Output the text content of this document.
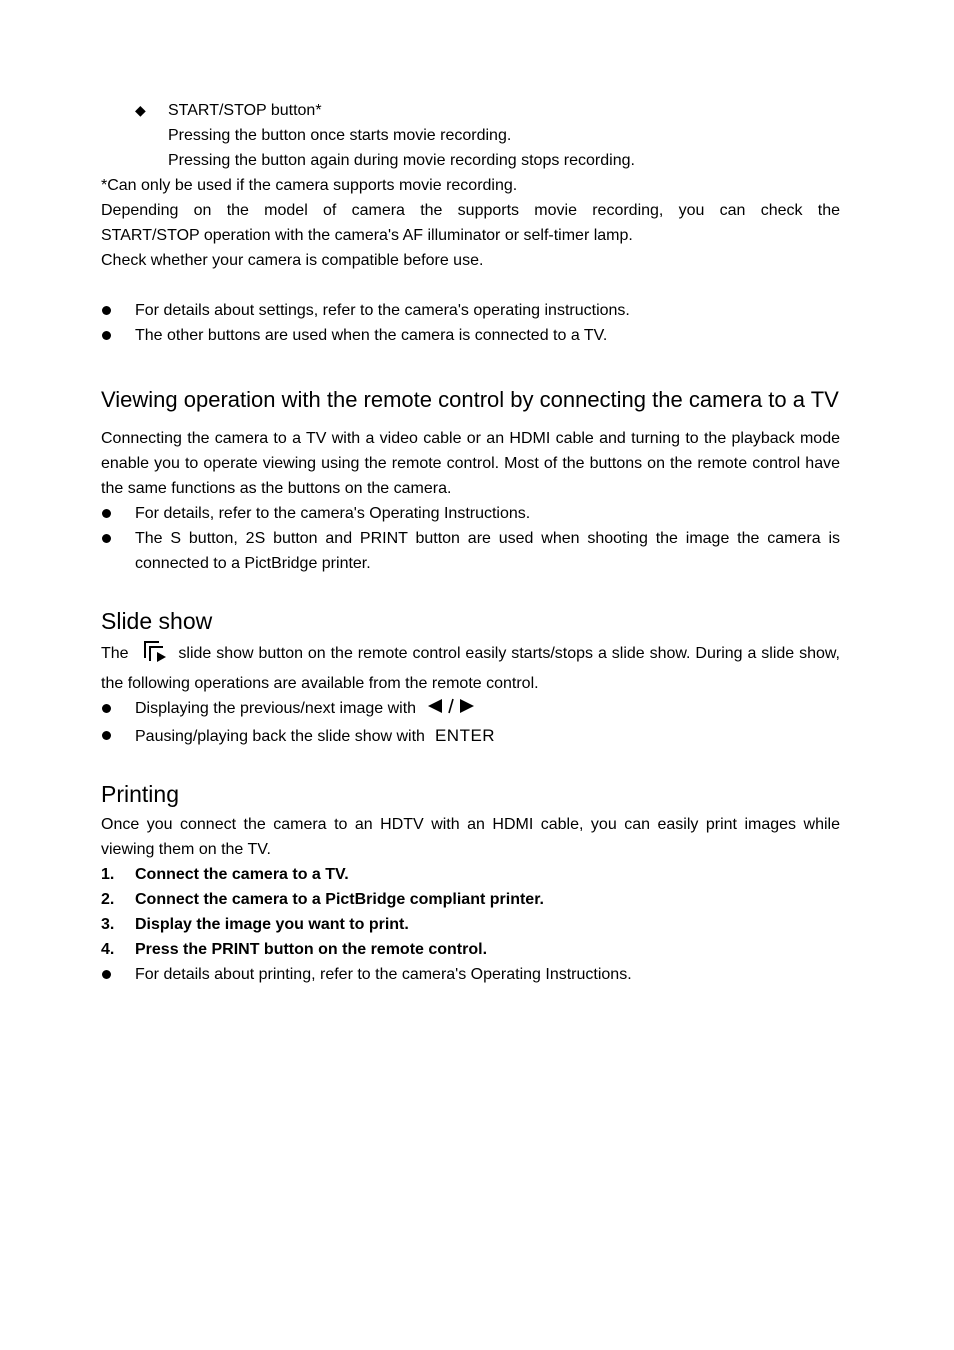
◆ START/STOP button*

Pressing the button once starts movie recording.

Pressing the button again during movie recording stops recording.

*Can only be used if the camera supports movie recording.

Depending on the model of camera the supports movie recording, you can check the

START/STOP operation with the camera's AF illuminator or self-timer lamp.

Check whether your camera is compatible before use.

For details about settings, refer to the camera's operating instructions.
The other buttons are used when the camera is connected to a TV.
Viewing operation with the remote control by connecting the camera to a TV

Connecting the camera to a TV with a video cable or an HDMI cable and turning to the playback mode enable you to operate viewing using the remote control. Most of the buttons on the remote control have the same functions as the buttons on the camera.

For details, refer to the camera's Operating Instructions.
The S button, 2S button and PRINT button are used when shooting the image the camera is connected to a PictBridge printer.
Slide show

The	slide show button on the remote control easily starts/stops a slide show. During a slide show, the following operations are available from the remote control.

Displaying the previous/next image with
Pausing/playing back the slide show with ENTER
Printing

Once you connect the camera to an HDTV with an HDMI cable, you can easily print images while viewing them on the TV.

1. Connect the camera to a TV.
2. Connect the camera to a PictBridge compliant printer.
3. Display the image you want to print.
4. Press the PRINT button on the remote control.
For details about printing, refer to the camera's Operating Instructions.
